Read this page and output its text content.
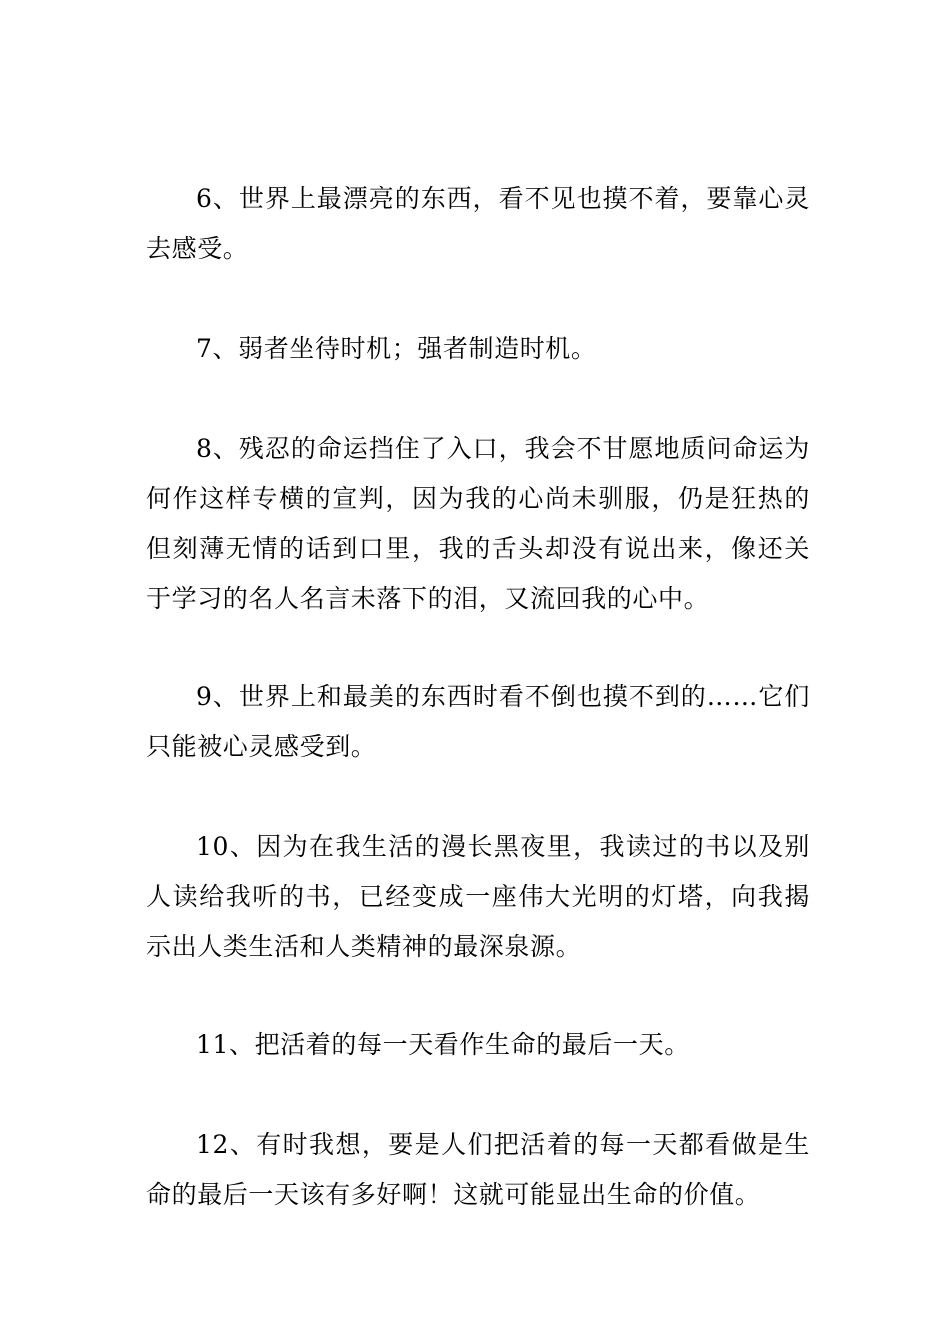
6、世界上最漂亮的东西，看不见也摸不着，要靠心灵去感受。

7、弱者坐待时机；强者制造时机。

8、残忍的命运挡住了入口，我会不甘愿地质问命运为何作这样专横的宣判，因为我的心尚未驯服，仍是狂热的但刻薄无情的话到口里，我的舌头却没有说出来，像还关于学习的名人名言未落下的泪，又流回我的心中。

9、世界上和最美的东西时看不倒也摸不到的……它们只能被心灵感受到。

10、因为在我生活的漫长黑夜里，我读过的书以及别人读给我听的书，已经变成一座伟大光明的灯塔，向我揭示出人类生活和人类精神的最深泉源。

11、把活着的每一天看作生命的最后一天。

12、有时我想，要是人们把活着的每一天都看做是生命的最后一天该有多好啊！这就可能显出生命的价值。
